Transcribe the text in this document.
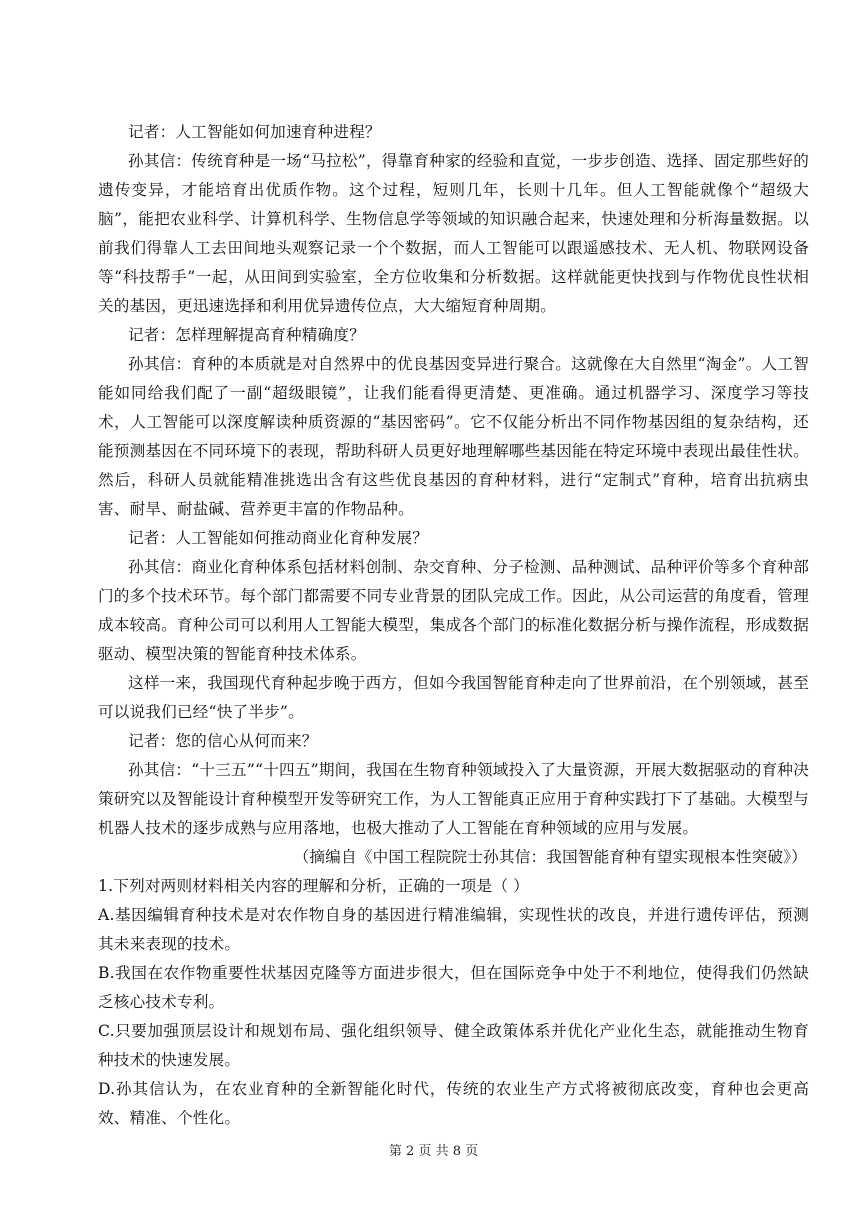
记者：人工智能如何加速育种进程？

孙其信：传统育种是一场“马拉松”，得靠育种家的经验和直觉，一步步创造、选择、固定那些好的遗传变异，才能培育出优质作物。这个过程，短则几年，长则十几年。但人工智能就像个“超级大脑”，能把农业科学、计算机科学、生物信息学等领域的知识融合起来，快速处理和分析海量数据。以前我们得靠人工去田间地头观察记录一个个数据，而人工智能可以跟遥感技术、无人机、物联网设备等“科技帮手”一起，从田间到实验室，全方位收集和分析数据。这样就能更快找到与作物优良性状相关的基因，更迅速选择和利用优异遗传位点，大大缩短育种周期。

记者：怎样理解提高育种精确度？

孙其信：育种的本质就是对自然界中的优良基因变异进行聚合。这就像在大自然里“淘金”。人工智能如同给我们配了一副“超级眼镜”，让我们能看得更清楚、更准确。通过机器学习、深度学习等技术，人工智能可以深度解读种质资源的“基因密码”。它不仅能分析出不同作物基因组的复杂结构，还能预测基因在不同环境下的表现，帮助科研人员更好地理解哪些基因能在特定环境中表现出最佳性状。然后，科研人员就能精准挑选出含有这些优良基因的育种材料，进行“定制式”育种，培育出抗病虫害、耐旱、耐盐碱、营养更丰富的作物品种。

记者：人工智能如何推动商业化育种发展？

孙其信：商业化育种体系包括材料创制、杂交育种、分子检测、品种测试、品种评价等多个育种部门的多个技术环节。每个部门都需要不同专业背景的团队完成工作。因此，从公司运营的角度看，管理成本较高。育种公司可以利用人工智能大模型，集成各个部门的标准化数据分析与操作流程，形成数据驱动、模型决策的智能育种技术体系。

这样一来，我国现代育种起步晚于西方，但如今我国智能育种走向了世界前沿，在个别领域，甚至可以说我们已经“快了半步”。

记者：您的信心从何而来？

孙其信：“十三五”“十四五”期间，我国在生物育种领域投入了大量资源，开展大数据驱动的育种决策研究以及智能设计育种模型开发等研究工作，为人工智能真正应用于育种实践打下了基础。大模型与机器人技术的逐步成熟与应用落地，也极大推动了人工智能在育种领域的应用与发展。

（摘编自《中国工程院院士孙其信：我国智能育种有望实现根本性突破》）

1.下列对两则材料相关内容的理解和分析，正确的一项是（ ）

A.基因编辑育种技术是对农作物自身的基因进行精准编辑，实现性状的改良，并进行遗传评估，预测其未来表现的技术。

B.我国在农作物重要性状基因克隆等方面进步很大，但在国际竞争中处于不利地位，使得我们仍然缺乏核心技术专利。

C.只要加强顶层设计和规划布局、强化组织领导、健全政策体系并优化产业化生态，就能推动生物育种技术的快速发展。

D.孙其信认为，在农业育种的全新智能化时代，传统的农业生产方式将被彻底改变，育种也会更高效、精准、个性化。

第 2 页 共 8 页
